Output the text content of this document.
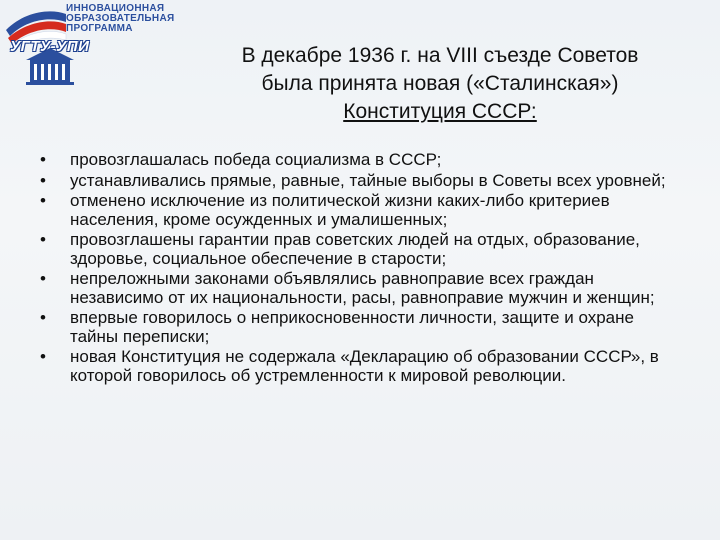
ИННОВАЦИОННАЯ
ОБРАЗОВАТЕЛЬНАЯ
ПРОГРАММА
УГТУ-УПИ	В декабре 1936 г. на VIII съезде Советов
была принята новая («Сталинская»)
Конституция СССР:
• провозглашалась победа социализма в СССР;
• устанавливались прямые, равные, тайные выборы в Советы всех уровней;
• отменено исключение из политической жизни каких-либо критериев населения, кроме осужденных и умалишенных;
• провозглашены гарантии прав советских людей на отдых, образование, здоровье, социальное обеспечение в старости;
• непреложными законами объявлялись равноправие всех граждан независимо от их национальности, расы, равноправие мужчин и женщин;
• впервые говорилось о неприкосновенности личности, защите и охране тайны переписки;
• новая Конституция не содержала «Декларацию об образовании СССР», в которой говорилось об устремленности к мировой революции.
